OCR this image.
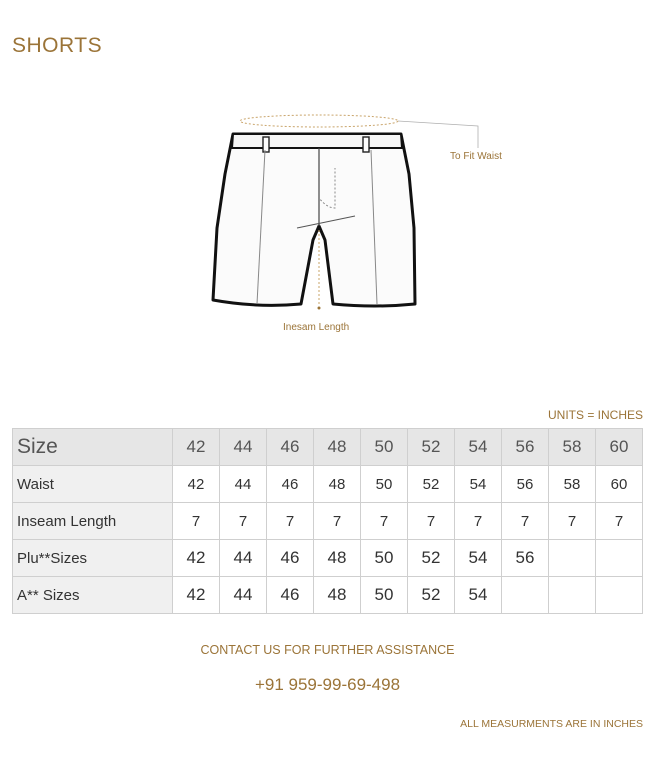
SHORTS
To Fit Waist
Inesam Length
UNITS = INCHES
Size	42	44	46	48	50	52	54	56	58	60
Waist	42	44	46	48	50	52	54	56	58	60
Inseam Length	7	7	7	7	7	7	7	7	7	7
Plu**Sizes	42	44	46	48	50	52	54	56		
A** Sizes	42	44	46	48	50	52	54			
CONTACT US FOR FURTHER ASSISTANCE
+91 959-99-69-498
ALL MEASURMENTS ARE IN INCHES
